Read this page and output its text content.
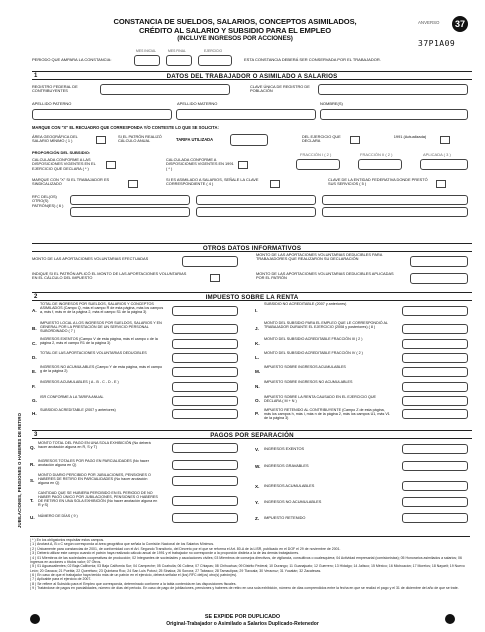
CONSTANCIA DE SUELDOS, SALARIOS, CONCEPTOS ASIMILADOS,
CRÉDITO AL SALARIO Y SUBSIDIO PARA EL EMPLEO
(INCLUYE INGRESOS POR ACCIONES)
ANVERSO	37
37P1A09
MES INICIAL	MES FINAL	EJERCICIO
PERIODO QUE AMPARA LA CONSTANCIA:	ESTA CONSTANCIA DEBERÁ SER CONSERVADA POR EL TRABAJADOR.
1	DATOS DEL TRABAJADOR O ASIMILADO A SALARIOS
REGISTRO FEDERAL DE CONTRIBUYENTES
CLAVE ÚNICA DE REGISTRO DE POBLACIÓN
APELLIDO PATERNO	APELLIDO MATERNO	NOMBRE(S)
MARQUE CON "X" EL RECUADRO QUE CORRESPONDA Y/O CONTESTE LO QUE SE SOLICITA:
ÁREA GEOGRÁFICA DEL SALARIO MÍNIMO ( 1 )
SI EL PATRÓN REALIZÓ CÁLCULO ANUAL	TARIFA UTILIZADA
DEL EJERCICIO QUE DECLARA
1991 (Actualizada)
PROPORCIÓN DEL SUBSIDIO:
CALCULADA CONFORME A LAS DISPOSICIONES VIGENTES EN EL EJERCICIO QUE DECLARA ( * )
CALCULADA CONFORME A DISPOSICIONES VIGENTES EN 1991 ( * )
FRACCIÓN I ( 2 )	FRACCIÓN II ( 2 )	APLICADA ( 3 )
MARQUE CON "X" SI EL TRABAJADOR ES SINDICALIZADO
SI ES ASIMILADO A SALARIOS, SEÑALE LA CLAVE CORRESPONDIENTE ( 4 )
CLAVE DE LA ENTIDAD FEDERATIVA DONDE PRESTÓ SUS SERVICIOS ( 5 )
RFC DEL(OS) OTRO(S) PATRÓN(ES) ( 6 )
OTROS DATOS INFORMATIVOS
MONTO DE LAS APORTACIONES VOLUNTARIAS EFECTUADAS
MONTO DE LAS APORTACIONES VOLUNTARIAS DEDUCIBLES PARA TRABAJADORES QUE REALIZARON SU DECLARACIÓN
INDIQUE SI EL PATRÓN APLICÓ EL MONTO DE LAS APORTACIONES VOLUNTARIAS EN EL CÁLCULO DEL IMPUESTO
MONTO DE LAS APORTACIONES VOLUNTARIAS DEDUCIBLES APLICADAS POR EL PATRÓN
2	IMPUESTO SOBRE LA RENTA
3	PAGOS POR SEPARACIÓN
JUBILACIONES, PENSIONES O HABERES DE RETIRO
( * ) En los obligatorios requisitar estos campos.
( 1 ) Anotará A, B o C según corresponda al área geográfica que señala la Comisión Nacional de los Salarios Mínimos.
( 2 ) Únicamente para constancias de 2001, de conformidad con el Art. Segundo Transitorio, del Decreto por el que se reforma el Art. 80-A de la LISR, publicado en el DOF el 29 de noviembre de 2001.
( 3 ) Deberá utilizar este campo cuando el patrón haya realizado cálculo anual de 1991 y el trabajador no corresponde a la proporción distinta a la de las demás trabajadores.
( 4 ) 01 Miembros de las sociedades cooperativas de producción; 02 Integrantes de sociedades y asociaciones civiles; 03 Miembros de consejos directivos, de vigilancia, consultivos o cualesquiera; 04 Actividad empresarial (comisionistas); 05 Honorarios asimilados a salarios; 06 Ingresos en acciones u títulos valor; 07 Otros.
( 5 ) 01 Aguascalientes; 02 Baja California; 03 Baja California Sur; 04 Campeche; 05 Coahuila; 06 Colima; 07 Chiapas; 08 Chihuahua; 09 Distrito Federal; 10 Durango; 11 Guanajuato; 12 Guerrero; 13 Hidalgo; 14 Jalisco; 15 México; 16 Michoacán; 17 Morelos; 18 Nayarit; 19 Nuevo León; 20 Oaxaca; 21 Puebla; 22 Querétaro; 23 Quintana Roo; 24 San Luis Potosí; 25 Sinaloa; 26 Sonora; 27 Tabasco; 28 Tamaulipas; 29 Tlaxcala; 30 Veracruz; 31 Yucatán; 32 Zacatecas.
( 6 ) En caso de que el trabajador haya tenido más de un patrón en el ejercicio, deberá señalar el (los) RFC del(os) otro(s) patrón(es).
( 7 ) Aplicable para el ejercicio de 2007.
( 8 ) Se refiere al Subsidio para el Empleo que corresponda, determinado conforme a la tabla contenida en las disposiciones fiscales.
( 9 ) Tratándose de pagos en parcialidades, número de días del periodo. En caso de pago de jubilaciones, pensiones y haberes de retiro en una sola exhibición, número de días comprendidos entre la fecha en que se realizó el pago y el 31 de diciembre del año de que se trate.
SE EXPIDE POR DUPLICADO
Original-Trabajador o Asimilado a Salarios Duplicado-Retenedor
A.
TOTAL DE INGRESOS POR SUELDOS, SALARIOS Y CONCEPTOS ASIMILADOS (Campo Q, más el campo R de esta página, más los campos a, más f, más m de la página 2, más el campo S1 de la página 3)
B.
IMPUESTO LOCAL A LOS INGRESOS POR SUELDOS, SALARIOS Y EN GENERAL POR LA PRESTACIÓN DE UN SERVICIO PERSONAL SUBORDINADO ( 7 )
C.
INGRESOS EXENTOS (Campo V de esta página, más el campo c de la página 2, más el campo R1 de la página 3)
D.
TOTAL DE LAS APORTACIONES VOLUNTARIAS DEDUCIBLES
E.
INGRESOS NO ACUMULABLES (Campo Y de esta página, más el campo g de la página 2)
F.
INGRESOS ACUMULABLES ( A - B - C - D - E )
G.
ISR CONFORME A LA TARIFA ANUAL
H.
SUBSIDIO ACREDITABLE (2007 y anteriores)
I.
SUBSIDIO NO ACREDITABLE (2007 y anteriores)
J.
MONTO DEL SUBSIDIO PARA EL EMPLEO QUE LE CORRESPONDIÓ AL TRABAJADOR DURANTE EL EJERCICIO (2008 y posteriores) ( 8 )
K.
MONTO DEL SUBSIDIO ACREDITABLE FRACCIÓN III ( 2 )
L.
MONTO DEL SUBSIDIO ACREDITABLE FRACCIÓN IV ( 2 )
M.
IMPUESTO SOBRE INGRESOS ACUMULABLES
N.
IMPUESTO SOBRE INGRESOS NO ACUMULABLES
O.
IMPUESTO SOBRE LA RENTA CAUSADO EN EL EJERCICIO QUE DECLARA ( M + N )
P.
IMPUESTO RETENIDO AL CONTRIBUYENTE (Campo Z de esta página, más los campos h, más i, más n de la página 2, más los campos U1, más V1 de la página 3)
Q.
MONTO TOTAL DEL PAGO EN UNA SOLA EXHIBICIÓN (No deberá hacer anotación alguna en R, S y T)
R.
INGRESOS TOTALES POR PAGO EN PARCIALIDADES (No hacer anotación alguna en Q)
S.
MONTO DIARIO PERCIBIDO POR JUBILACIONES, PENSIONES O HABERES DE RETIRO EN PARCIALIDADES (No hacer anotación alguna en Q)
T.
CANTIDAD QUE SE HUBIERA PERCIBIDO EN EL PERIODO DE NO HABER PAGO ÚNICO POR JUBILACIONES, PENSIONES O HABERES DE RETIRO EN UNA SOLA EXHIBICIÓN (No hacer anotación alguna en R y S)
U. NÚMERO DE DÍAS ( 9 )
V. INGRESOS EXENTOS
W. INGRESOS GRAVABLES
X. INGRESOS ACUMULABLES
Y. INGRESOS NO ACUMULABLES
Z. IMPUESTO RETENIDO
